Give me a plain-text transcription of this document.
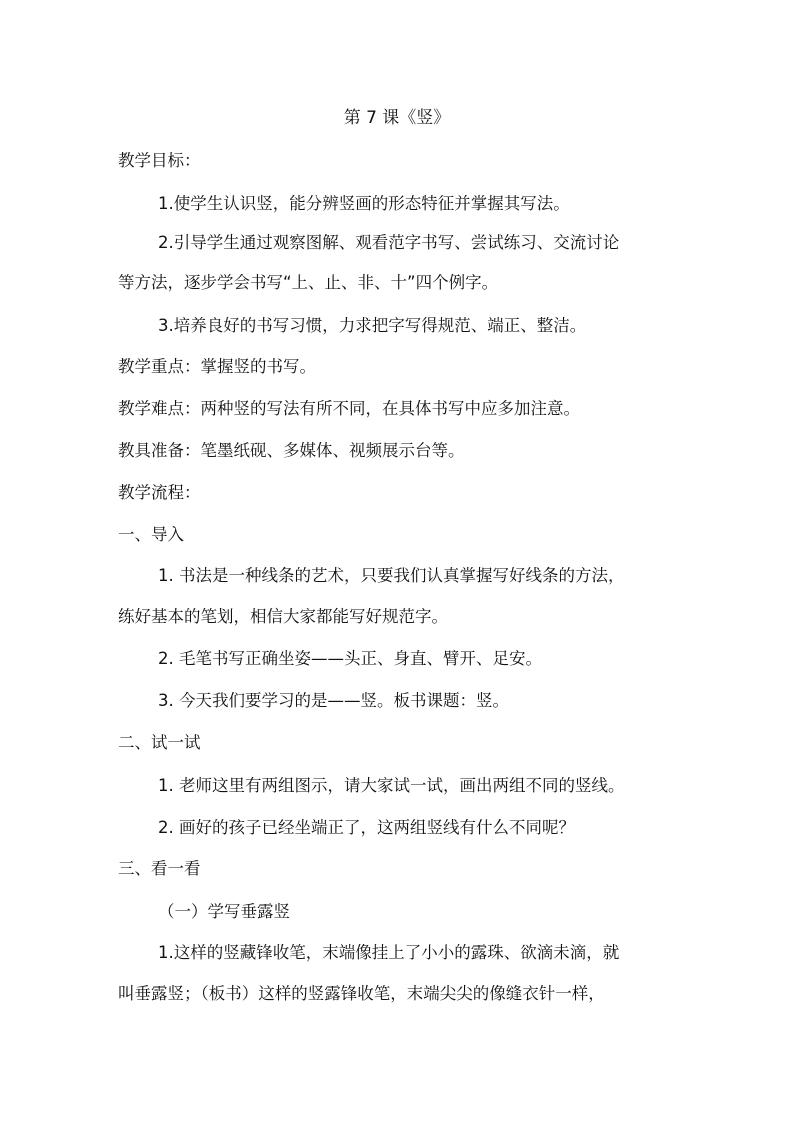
第 7 课《竖》
教学目标：
1.使学生认识竖，能分辨竖画的形态特征并掌握其写法。
2.引导学生通过观察图解、观看范字书写、尝试练习、交流讨论
等方法，逐步学会书写“上、止、非、十”四个例字。
3.培养良好的书写习惯，力求把字写得规范、端正、整洁。
教学重点：掌握竖的书写。
教学难点：两种竖的写法有所不同，在具体书写中应多加注意。
教具准备：笔墨纸砚、多媒体、视频展示台等。
教学流程：
一、导入
1. 书法是一种线条的艺术，只要我们认真掌握写好线条的方法，
练好基本的笔划，相信大家都能写好规范字。
2. 毛笔书写正确坐姿——头正、身直、臂开、足安。
3. 今天我们要学习的是——竖。板书课题：竖。
二、试一试
1. 老师这里有两组图示，请大家试一试，画出两组不同的竖线。
2. 画好的孩子已经坐端正了，这两组竖线有什么不同呢？
三、看一看
（一）学写垂露竖
1.这样的竖藏锋收笔，末端像挂上了小小的露珠、欲滴未滴，就
叫垂露竖；（板书）这样的竖露锋收笔，末端尖尖的像缝衣针一样，
